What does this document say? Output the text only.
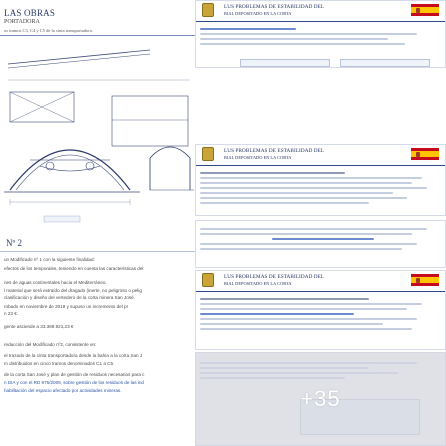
LAS OBRAS
PORTADORA
os tramos C3, C4 y C5 de la cinta transportadora.
Nº 2
un Modificado nº 1 con la siguiente finalidad:
efectos de los temporales, teniendo en cuenta las características del
nes de aguas continentales hacia el Mediterráneo.
l material que será extraído del dragado (inerte, no peligroso o pelig
clasificación y diseño del vertedero de la corta minera San José.
robado en noviembre de 2018 y supuso un incremento del pr
n 23 €.
gente asciende a 33.369.921,23 €
redacción del Modificado nº2, consistente en:
el trazado de la cinta transportadora desde la bahía a la corta San J
m distribuidos en cinco tramos denominados C1 a C5.
de la corta San José y plan de gestión de residuos necesarios para c
n DIA y con el RD 975/2009, sobre gestión de los residuos de las ind
habilitación del espacio afectado por actividades mineras.
LUS PROBLEMAS DE ESTABILIDAD DEL
RIAL DEPOSITADO EN LA CORTA
LUS PROBLEMAS DE ESTABILIDAD DEL
RIAL DEPOSITADO EN LA CORTA
LUS PROBLEMAS DE ESTABILIDAD DEL
RIAL DEPOSITADO EN LA CORTA
+35
